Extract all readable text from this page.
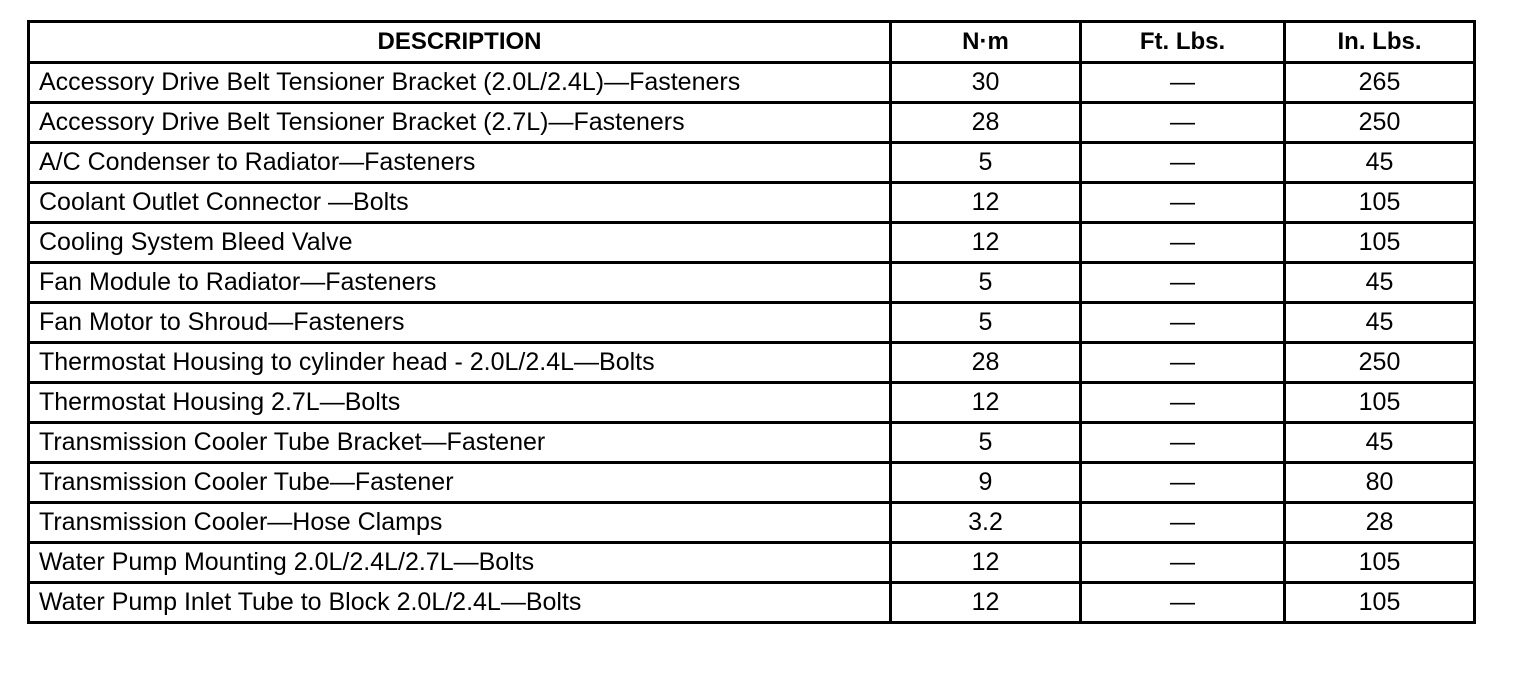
DESCRIPTION	N·m	Ft. Lbs.	In. Lbs.
Accessory Drive Belt Tensioner Bracket (2.0L/2.4L)—Fasteners	30	—	265
Accessory Drive Belt Tensioner Bracket (2.7L)—Fasteners	28	—	250
A/C Condenser to Radiator—Fasteners	5	—	45
Coolant Outlet Connector —Bolts	12	—	105
Cooling System Bleed Valve	12	—	105
Fan Module to Radiator—Fasteners	5	—	45
Fan Motor to Shroud—Fasteners	5	—	45
Thermostat Housing to cylinder head - 2.0L/2.4L—Bolts	28	—	250
Thermostat Housing 2.7L—Bolts	12	—	105
Transmission Cooler Tube Bracket—Fastener	5	—	45
Transmission Cooler Tube—Fastener	9	—	80
Transmission Cooler—Hose Clamps	3.2	—	28
Water Pump Mounting 2.0L/2.4L/2.7L—Bolts	12	—	105
Water Pump Inlet Tube to Block 2.0L/2.4L—Bolts	12	—	105
